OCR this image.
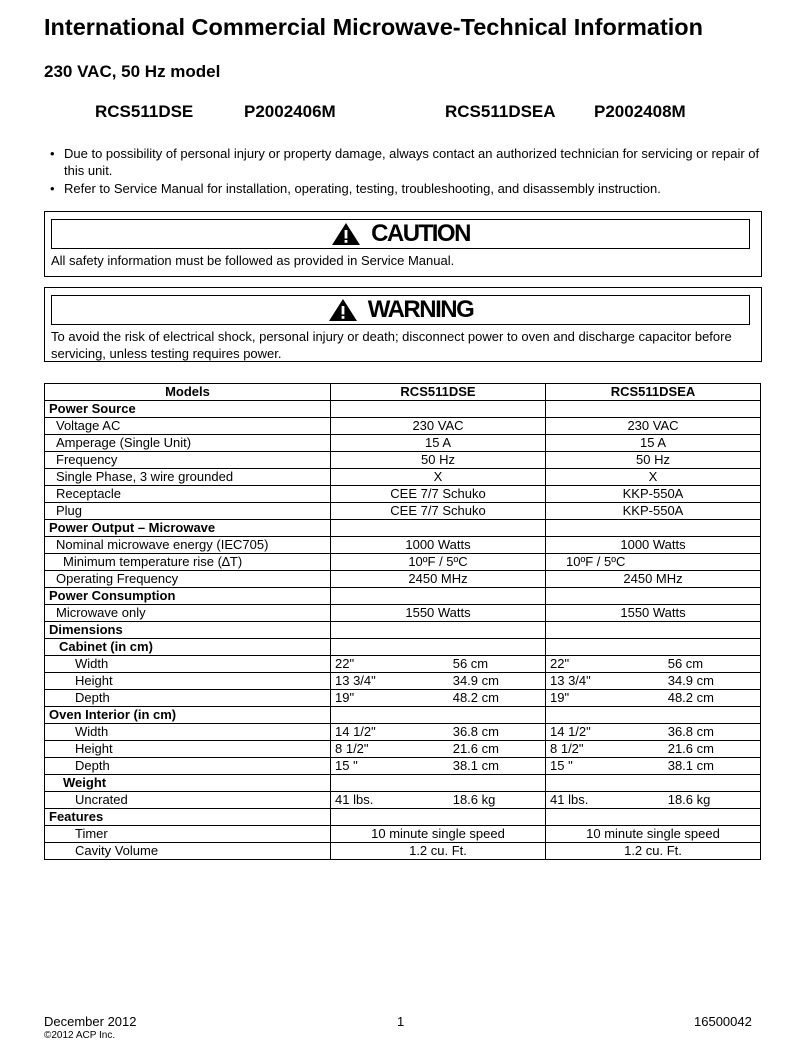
International Commercial Microwave-Technical Information
230 VAC, 50 Hz model
RCS511DSE	P2002406M	RCS511DSEA P2002408M
• Due to possibility of personal injury or property damage, always contact an authorized technician for servicing or repair of this unit.
• Refer to Service Manual for installation, operating, testing, troubleshooting, and disassembly instruction.
CAUTION
All safety information must be followed as provided in Service Manual.
WARNING
To avoid the risk of electrical shock, personal injury or death; disconnect power to oven and discharge capacitor before servicing, unless testing requires power.
Models	RCS511DSE	RCS511DSEA
Power Source		
Voltage AC	230 VAC	230 VAC
Amperage (Single Unit)	15 A	15 A
Frequency	50 Hz	50 Hz
Single Phase, 3 wire grounded	X	X
Receptacle	CEE 7/7 Schuko	KKP-550A
Plug	CEE 7/7 Schuko	KKP-550A
Power Output – Microwave		
Nominal microwave energy (IEC705)	1000 Watts	1000 Watts
Minimum temperature rise (∆T)	10ºF / 5ºC	10ºF / 5ºC
Operating Frequency	2450 MHz	2450 MHz
Power Consumption		
Microwave only	1550 Watts	1550 Watts
Dimensions		
Cabinet (in cm)		
Width	22" 56 cm	22" 56 cm

Height	13 3/4" 34.9 cm	13 3/4" 34.9 cm

Depth	19" 48.2 cm	19" 48.2 cm

Oven Interior (in cm)		
Width	14 1/2" 36.8 cm	14 1/2" 36.8 cm

Height	8 1/2" 21.6 cm	8 1/2" 21.6 cm

Depth	15 " 38.1 cm	15 " 38.1 cm

Weight		
Uncrated	41 lbs. 18.6 kg	41 lbs. 18.6 kg

Features		
Timer	10 minute single speed	10 minute single speed
Cavity Volume	1.2 cu. Ft.	1.2 cu. Ft.
December 2012	1	16500042
©2012 ACP Inc.
